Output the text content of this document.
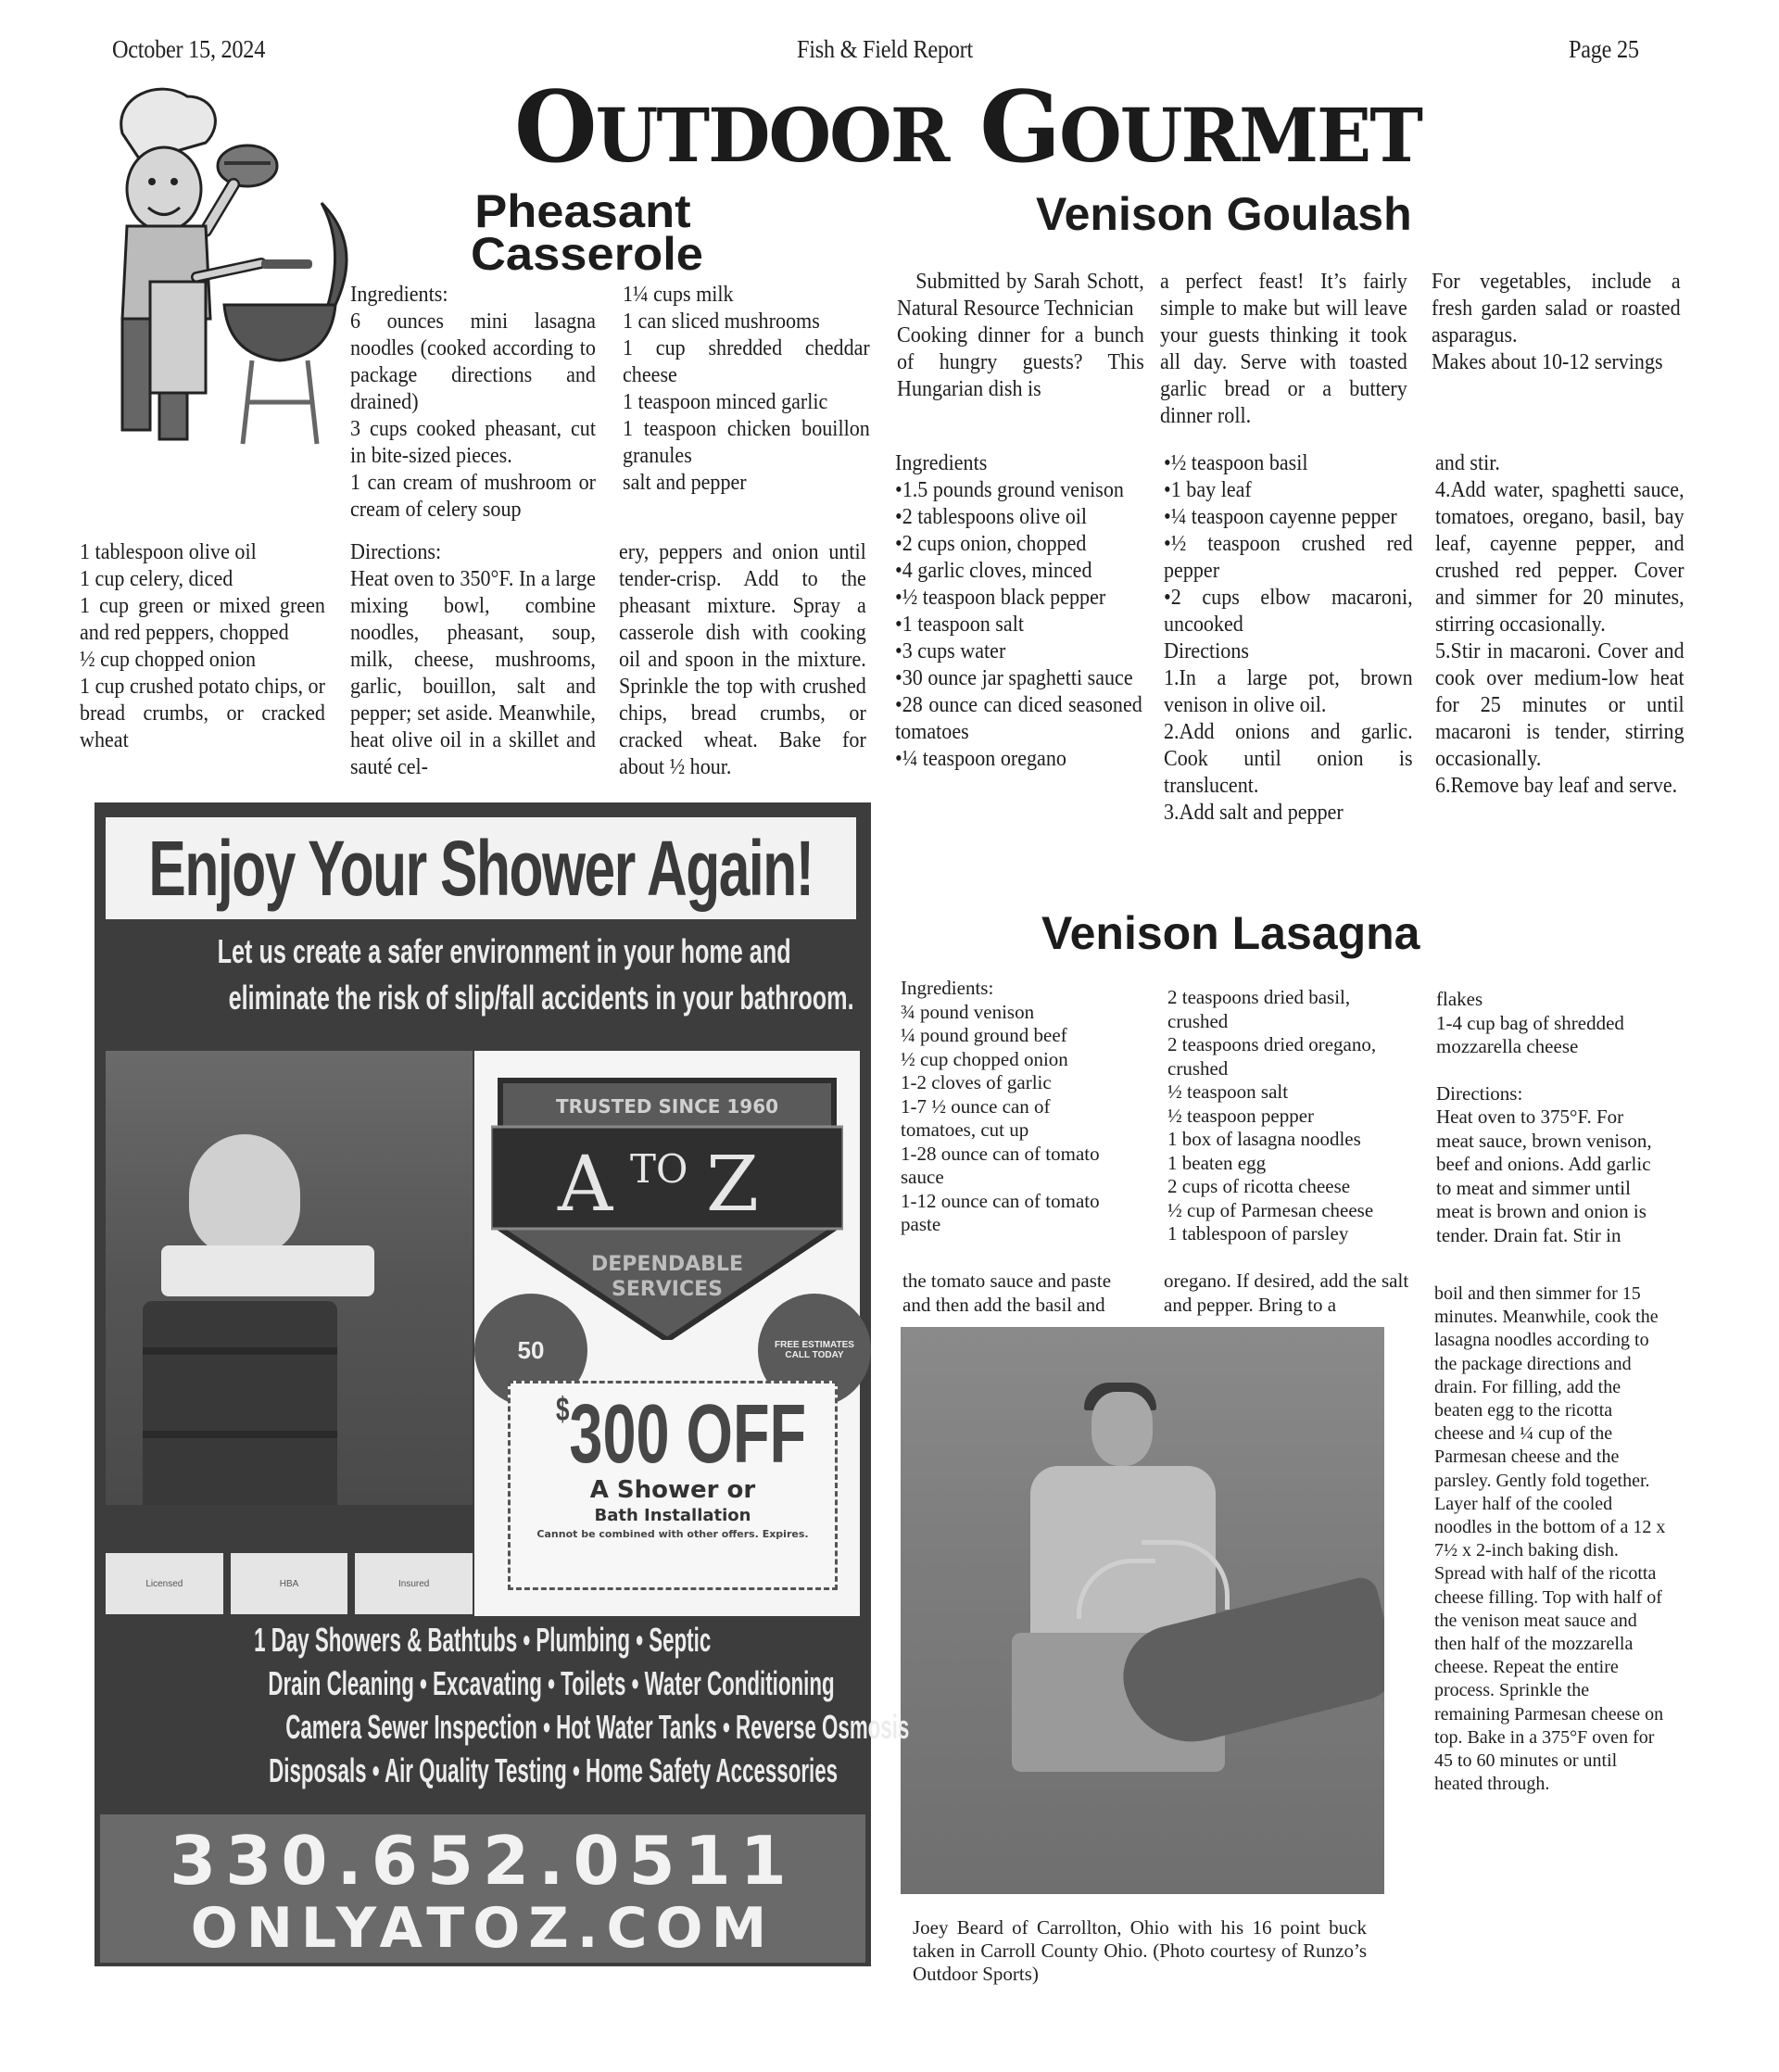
October 15, 2024	Fish & Field Report	Page 25
OUTDOOR GOURMET
Pheasant
Casserole

Ingredients:

6 ounces mini lasagna noodles (cooked according to package directions and drained)

3 cups cooked pheasant, cut in bite-sized pieces.

1 can cream of mushroom or cream of celery soup

1¼ cups milk

1 can sliced mushrooms

1 cup shredded cheddar cheese

1 teaspoon minced garlic

1 teaspoon chicken bouillon granules

salt and pepper

1 tablespoon olive oil

1 cup celery, diced

1 cup green or mixed green and red peppers, chopped

½ cup chopped onion

1 cup crushed potato chips, or bread crumbs, or cracked wheat

Directions:

Heat oven to 350°F. In a large mixing bowl, combine noodles, pheasant, soup, milk, cheese, mushrooms, garlic, bouillon, salt and pepper; set aside. Meanwhile, heat olive oil in a skillet and sauté cel-

ery, peppers and onion until tender-crisp. Add to the pheasant mixture. Spray a casserole dish with cooking oil and spoon in the mixture. Sprinkle the top with crushed chips, bread crumbs, or cracked wheat. Bake for about ½ hour.

Venison Goulash

Submitted by Sarah Schott, Natural Resource Technician

Cooking dinner for a bunch of hungry guests? This Hungarian dish is

a perfect feast! It’s fairly simple to make but will leave your guests thinking it took all day. Serve with toasted garlic bread or a buttery dinner roll.

For vegetables, include a fresh garden salad or roasted asparagus.

Makes about 10-12 servings

Ingredients

•1.5 pounds ground venison

•2 tablespoons olive oil

•2 cups onion, chopped

•4 garlic cloves, minced

•½ teaspoon black pepper

•1 teaspoon salt

•3 cups water

•30 ounce jar spaghetti sauce

•28 ounce can diced seasoned tomatoes

•¼ teaspoon oregano

•½ teaspoon basil

•1 bay leaf

•¼ teaspoon cayenne pepper

•½ teaspoon crushed red pepper

•2 cups elbow macaroni, uncooked

Directions

1.In a large pot, brown venison in olive oil.

2.Add onions and garlic. Cook until onion is translucent.

3.Add salt and pepper

and stir.

4.Add water, spaghetti sauce, tomatoes, oregano, basil, bay leaf, cayenne pepper, and crushed red pepper. Cover and simmer for 20 minutes, stirring occasionally.

5.Stir in macaroni. Cover and cook over medium-low heat for 25 minutes or until macaroni is tender, stirring occasionally.

6.Remove bay leaf and serve.

Venison Lasagna

Ingredients:

¾ pound venison

¼ pound ground beef

½ cup chopped onion

1-2 cloves of garlic

1-7 ½ ounce can of tomatoes, cut up

1-28 ounce can of tomato sauce

1-12 ounce can of tomato paste

2 teaspoons dried basil, crushed

2 teaspoons dried oregano, crushed

½ teaspoon salt

½ teaspoon pepper

1 box of lasagna noodles

1 beaten egg

2 cups of ricotta cheese

½ cup of Parmesan cheese

1 tablespoon of parsley

flakes

1-4 cup bag of shredded mozzarella cheese

Directions:

Heat oven to 375°F. For meat sauce, brown venison, beef and onions. Add garlic to meat and simmer until meat is brown and onion is tender. Drain fat. Stir in

the tomato sauce and paste and then add the basil and
oregano. If desired, add the salt and pepper. Bring to a	boil and then simmer for 15 minutes. Meanwhile, cook the lasagna noodles according to the package directions and drain. For filling, add the beaten egg to the ricotta cheese and ¼ cup of the Parmesan cheese and the parsley. Gently fold together. Layer half of the cooled noodles in the bottom of a 12 x 7½ x 2-inch baking dish. Spread with half of the ricotta cheese filling. Top with half of the venison meat sauce and then half of the mozzarella cheese. Repeat the entire process. Sprinkle the remaining Parmesan cheese on top. Bake in a 375°F oven for 45 to 60 minutes or until heated through.
Joey Beard of Carrollton, Ohio with his 16 point buck taken in Carroll County Ohio. (Photo courtesy of Runzo’s Outdoor Sports)
Enjoy Your Shower Again!
Let us create a safer environment in your home and
eliminate the risk of slip/fall accidents in your bathroom.
Licensed	HBA	Insured
TRUSTED SINCE 1960
DEPENDABLE
SERVICES
A TO Z
50	FREE ESTIMATES CALL TODAY
$300 OFF
A Shower or
Bath Installation
Cannot be combined with other offers. Expires.
1 Day Showers & Bathtubs • Plumbing • Septic
Drain Cleaning • Excavating • Toilets • Water Conditioning
Camera Sewer Inspection • Hot Water Tanks • Reverse Osmosis
Disposals • Air Quality Testing • Home Safety Accessories
330.652.0511
ONLYATOZ.COM
